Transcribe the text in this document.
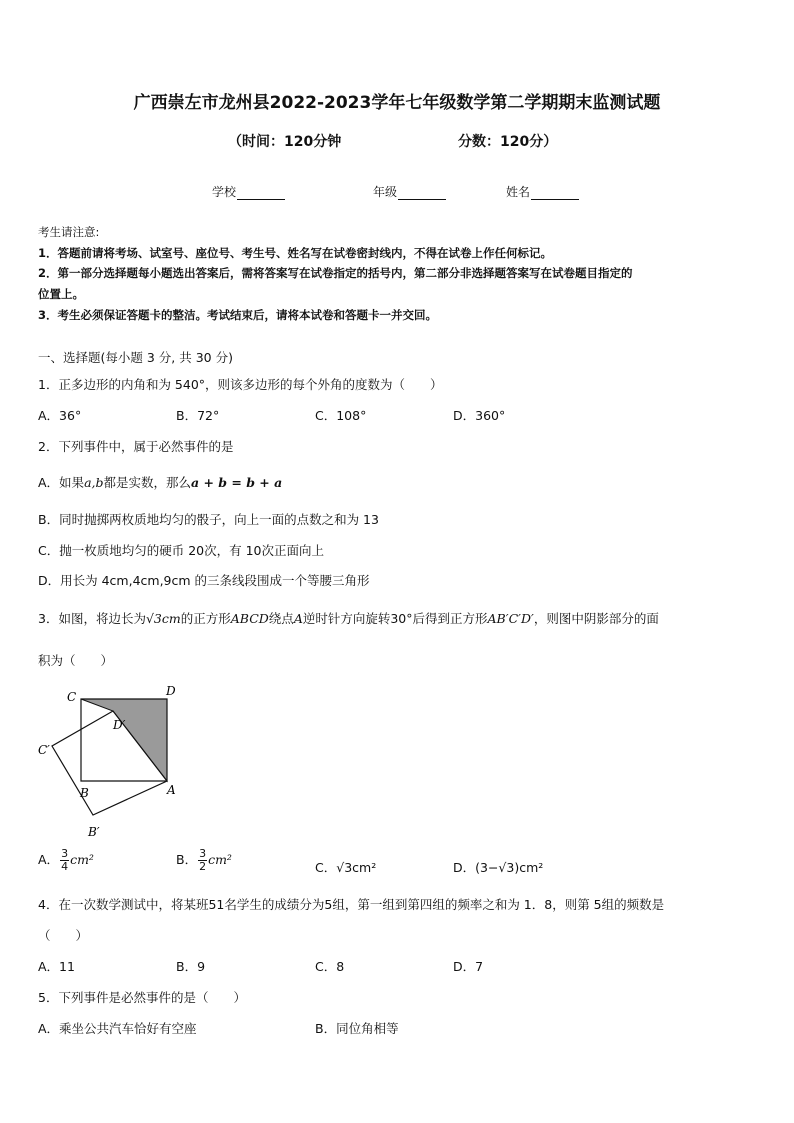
广西崇左市龙州县2022-2023学年七年级数学第二学期期末监测试题
（时间：120分钟	分数：120分）
学校	年级	姓名
考生请注意:
1．答题前请将考场、试室号、座位号、考生号、姓名写在试卷密封线内，不得在试卷上作任何标记。
2．第一部分选择题每小题选出答案后，需将答案写在试卷指定的括号内，第二部分非选择题答案写在试卷题目指定的
位置上。
3．考生必须保证答题卡的整洁。考试结束后，请将本试卷和答题卡一并交回。
一、选择题(每小题 3 分, 共 30 分)
1．正多边形的内角和为 540°，则该多边形的每个外角的度数为（　　）
A．36°	B．72°	C．108°	D．360°
2．下列事件中，属于必然事件的是
A．如果a,b都是实数，那么a + b = b + a
B．同时抛掷两枚质地均匀的骰子，向上一面的点数之和为 13
C．抛一枚质地均匀的硬币 20次，有 10次正面向上
D．用长为 4cm,4cm,9cm 的三条线段围成一个等腰三角形
3．如图，将边长为√3cm的正方形ABCD绕点A逆时针方向旋转30°后得到正方形AB′C′D′，则图中阴影部分的面
积为（　　）
C	D
D′
C′
B	A
B′
A． $\frac{3}{4} cm^2$	B． $\frac{3}{2} cm^2$
C．√3cm²	D．(3−√3)cm²
4．在一次数学测试中，将某班51名学生的成绩分为5组，第一组到第四组的频率之和为 1．8，则第 5组的频数是
（　　）
A．11	B．9	C．8	D．7
5．下列事件是必然事件的是（　　）
A．乘坐公共汽车恰好有空座	B．同位角相等
